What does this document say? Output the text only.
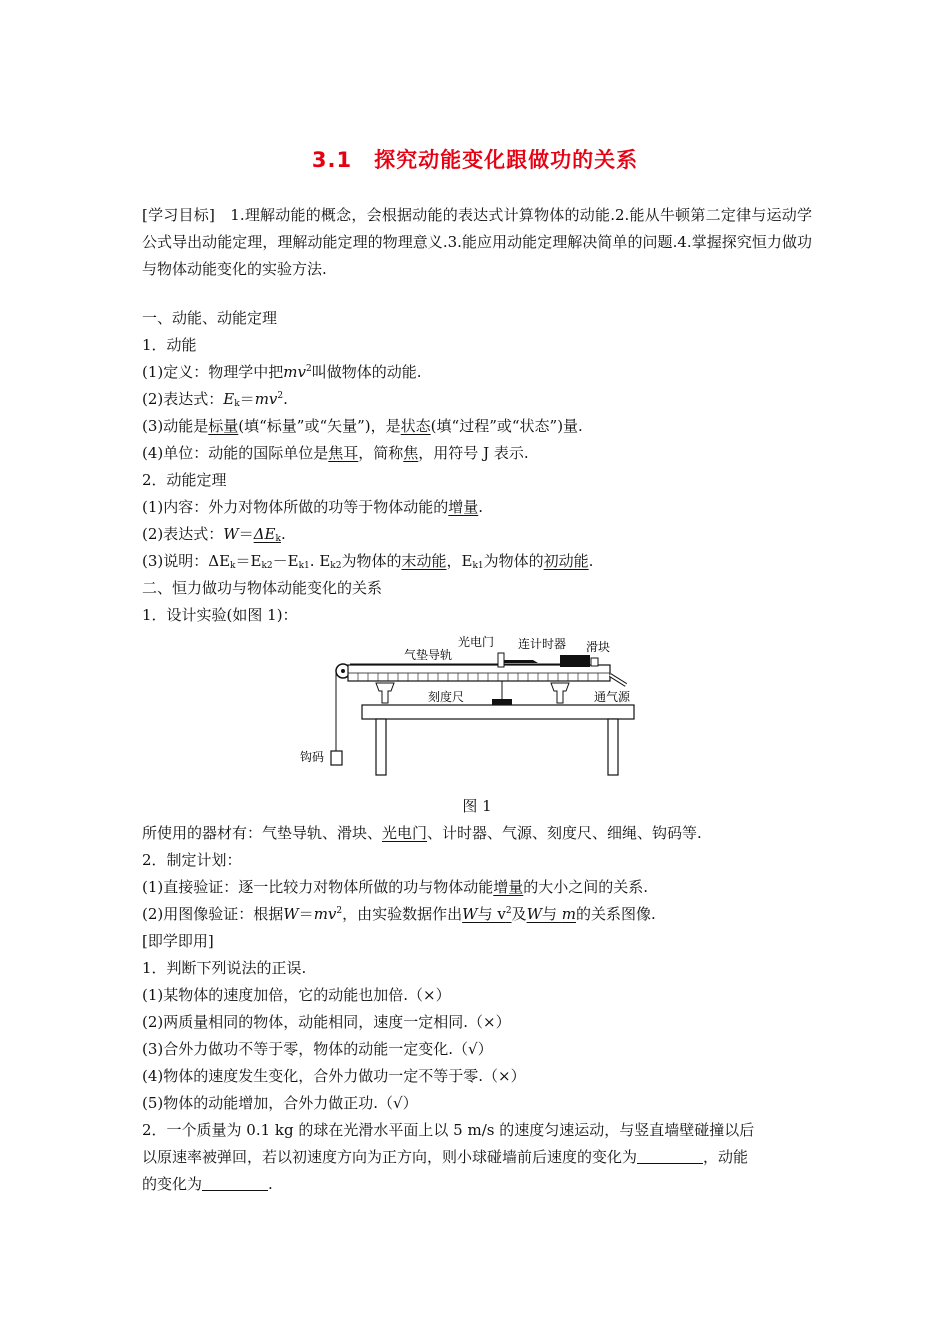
3.1　探究动能变化跟做功的关系

[学习目标]　1.理解动能的概念，会根据动能的表达式计算物体的动能.2.能从牛顿第二定律与运动学公式导出动能定理，理解动能定理的物理意义.3.能应用动能定理解决简单的问题.4.掌握探究恒力做功与物体动能变化的实验方法.

一、动能、动能定理

1．动能

(1)定义：物理学中把$mv^2$叫做物体的动能.

(2)表达式：$E_k=mv^2$.

(3)动能是标量(填“标量”或“矢量”)，是状态(填“过程”或“状态”)量.

(4)单位：动能的国际单位是焦耳，简称焦，用符号 J 表示.

2．动能定理

(1)内容：外力对物体所做的功等于物体动能的增量.

(2)表达式：$W=\Delta E_k$.

(3)说明：$\Delta E_k=E_{k2}-E_{k1}$. $E_{k2}$为物体的末动能，$E_{k1}$为物体的初动能.

二、恒力做功与物体动能变化的关系

1．设计实验(如图 1)：

光电门 连计时器
气垫导轨
滑块
通气源
刻度尺
钩码

图 1

所使用的器材有：气垫导轨、滑块、光电门、计时器、气源、刻度尺、细绳、钩码等.

2．制定计划：

(1)直接验证：逐一比较力对物体所做的功与物体动能增量的大小之间的关系.

(2)用图像验证：根据$W=mv^2$，由实验数据作出W与 $v^2$及W与 m的关系图像.

[即学即用]

1．判断下列说法的正误.

(1)某物体的速度加倍，它的动能也加倍.（×）

(2)两质量相同的物体，动能相同，速度一定相同.（×）

(3)合外力做功不等于零，物体的动能一定变化.（√）

(4)物体的速度发生变化，合外力做功一定不等于零.（×）

(5)物体的动能增加，合外力做正功.（√）

2．一个质量为 0.1 kg 的球在光滑水平面上以 5 m/s 的速度匀速运动，与竖直墙壁碰撞以后

以原速率被弹回，若以初速度方向为正方向，则小球碰墙前后速度的变化为	，动能

的变化为	.
